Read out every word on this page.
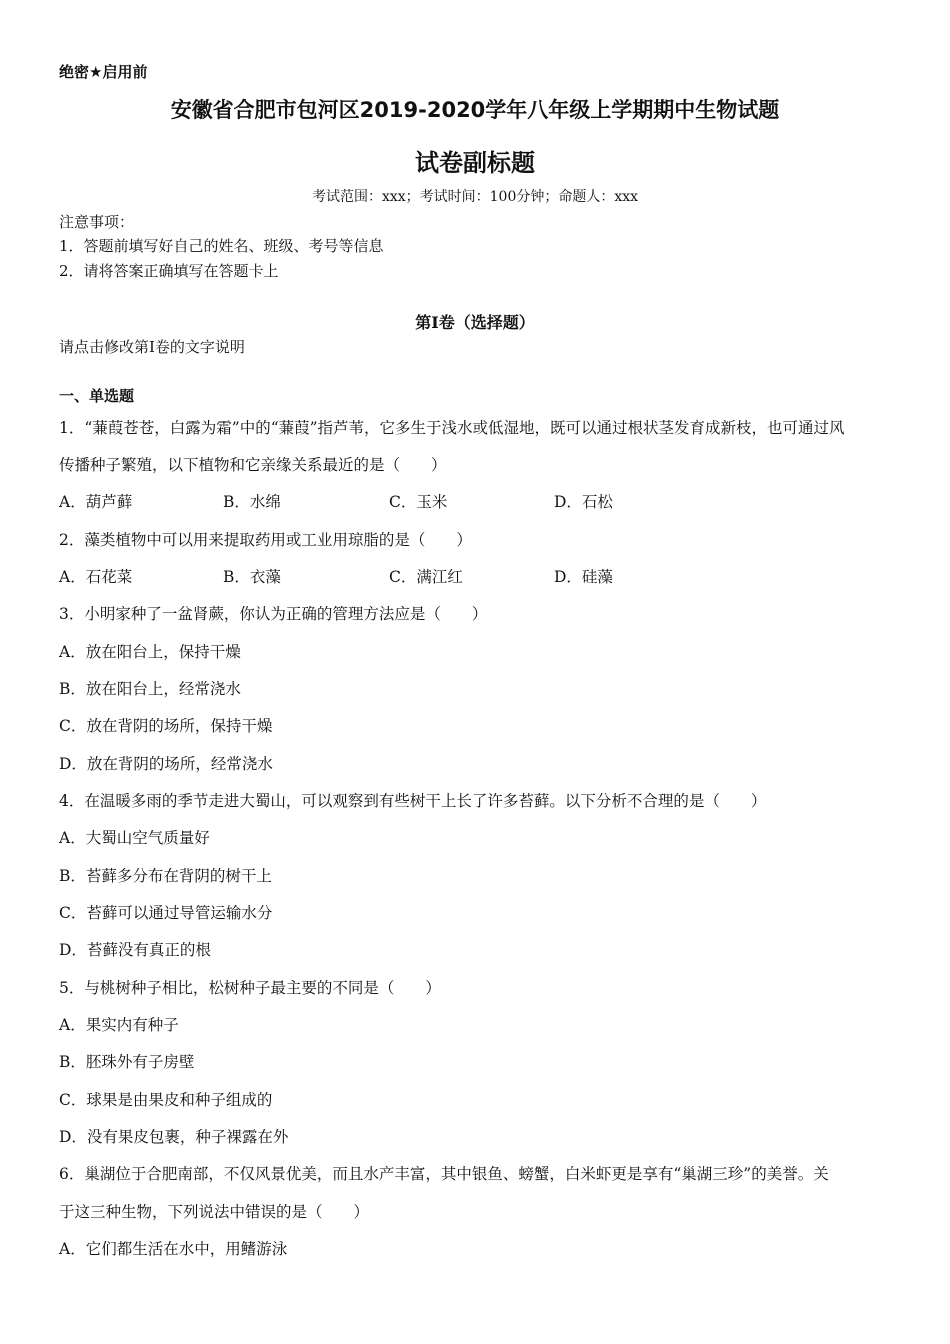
绝密★启用前
安徽省合肥市包河区2019-2020学年八年级上学期期中生物试题
试卷副标题
考试范围：xxx；考试时间：100分钟；命题人：xxx
注意事项：
1．答题前填写好自己的姓名、班级、考号等信息
2．请将答案正确填写在答题卡上
第I卷（选择题）
请点击修改第I卷的文字说明
一、单选题
1．“蒹葭苍苍，白露为霜”中的“蒹葭”指芦苇，它多生于浅水或低湿地，既可以通过根状茎发育成新枝，也可通过风
传播种子繁殖，以下植物和它亲缘关系最近的是（　　）
A．葫芦藓	B．水绵	C．玉米	D．石松
2．藻类植物中可以用来提取药用或工业用琼脂的是（　　）
A．石花菜	B．衣藻	C．满江红	D．硅藻
3．小明家种了一盆肾蕨，你认为正确的管理方法应是（　　）
A．放在阳台上，保持干燥
B．放在阳台上，经常浇水
C．放在背阴的场所，保持干燥
D．放在背阴的场所，经常浇水
4．在温暖多雨的季节走进大蜀山，可以观察到有些树干上长了许多苔藓。以下分析不合理的是（　　）
A．大蜀山空气质量好
B．苔藓多分布在背阴的树干上
C．苔藓可以通过导管运输水分
D．苔藓没有真正的根
5．与桃树种子相比，松树种子最主要的不同是（　　）
A．果实内有种子
B．胚珠外有子房壁
C．球果是由果皮和种子组成的
D．没有果皮包裹，种子裸露在外
6．巢湖位于合肥南部，不仅风景优美，而且水产丰富，其中银鱼、螃蟹，白米虾更是享有“巢湖三珍”的美誉。关
于这三种生物，下列说法中错误的是（　　）
A．它们都生活在水中，用鳍游泳
